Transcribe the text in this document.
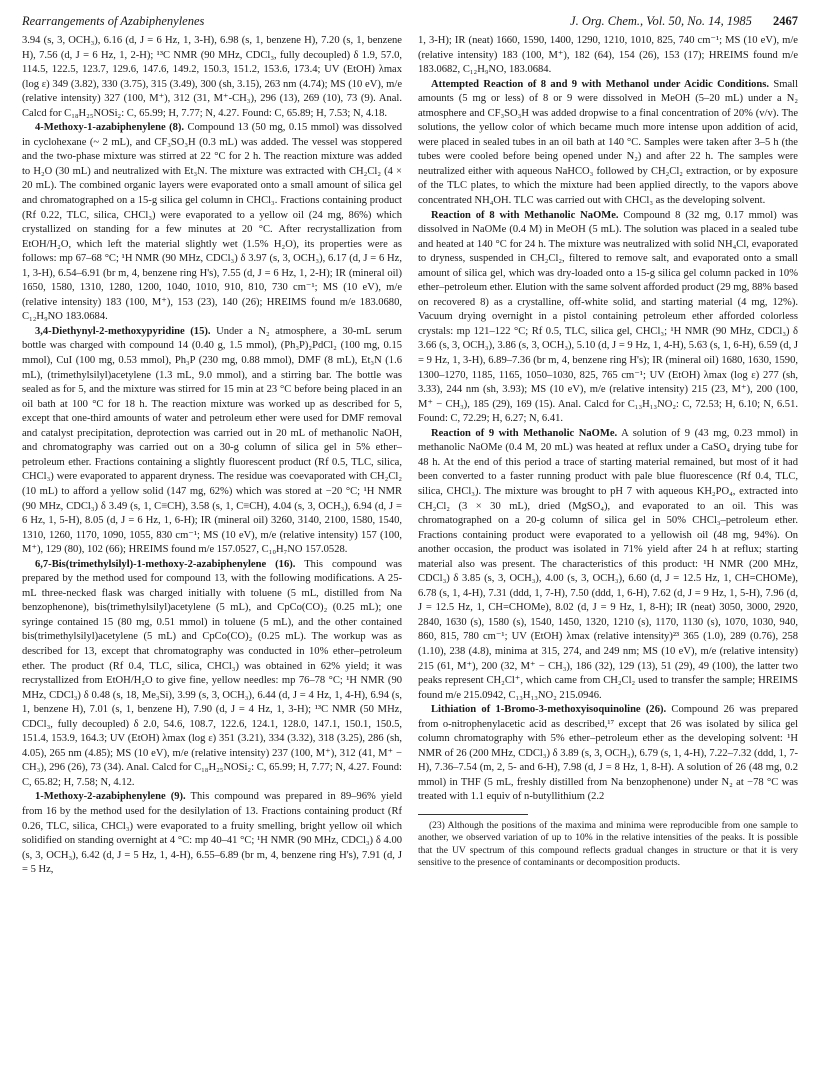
Rearrangements of Azabiphenylenes	J. Org. Chem., Vol. 50, No. 14, 1985 2467

3.94 (s, 3, OCH₃), 6.16 (d, J = 6 Hz, 1, 3-H), 6.98 (s, 1, benzene H), 7.20 (s, 1, benzene H), 7.56 (d, J = 6 Hz, 1, 2-H); ¹³C NMR (90 MHz, CDCl₃, fully decoupled) δ 1.9, 57.0, 114.5, 122.5, 123.7, 129.6, 147.6, 149.2, 150.3, 151.2, 153.6, 173.4; UV (EtOH) λmax (log ε) 349 (3.82), 330 (3.75), 315 (3.49), 300 (sh, 3.15), 263 nm (4.74); MS (10 eV), m/e (relative intensity) 327 (100, M⁺), 312 (31, M⁺-CH₃), 296 (13), 269 (10), 73 (9). Anal. Calcd for C₁₈H₂₅NOSi₂: C, 65.99; H, 7.77; N, 4.27. Found: C, 65.89; H, 7.53; N, 4.18.

4-Methoxy-1-azabiphenylene (8). Compound 13 (50 mg, 0.15 mmol) was dissolved in cyclohexane (~ 2 mL), and CF₃SO₃H (0.3 mL) was added. The vessel was stoppered and the two-phase mixture was stirred at 22 °C for 2 h. The reaction mixture was added to H₂O (30 mL) and neutralized with Et₃N. The mixture was extracted with CH₂Cl₂ (4 × 20 mL). The combined organic layers were evaporated onto a small amount of silica gel and chromatographed on a 15-g silica gel column in CHCl₃. Fractions containing product (Rf 0.22, TLC, silica, CHCl₃) were evaporated to a yellow oil (24 mg, 86%) which crystallized on standing for a few minutes at 20 °C. After recrystallization from EtOH/H₂O, which left the material slightly wet (1.5% H₂O), its properties were as follows: mp 67–68 °C; ¹H NMR (90 MHz, CDCl₃) δ 3.97 (s, 3, OCH₃), 6.17 (d, J = 6 Hz, 1, 3-H), 6.54–6.91 (br m, 4, benzene ring H's), 7.55 (d, J = 6 Hz, 1, 2-H); IR (mineral oil) 1650, 1580, 1310, 1280, 1200, 1040, 1010, 910, 810, 730 cm⁻¹; MS (10 eV), m/e (relative intensity) 183 (100, M⁺), 153 (23), 140 (26); HREIMS found m/e 183.0680, C₁₂H₉NO 183.0684.

3,4-Diethynyl-2-methoxypyridine (15). Under a N₂ atmosphere, a 30-mL serum bottle was charged with compound 14 (0.40 g, 1.5 mmol), (Ph₃P)₂PdCl₂ (100 mg, 0.15 mmol), CuI (100 mg, 0.53 mmol), Ph₃P (230 mg, 0.88 mmol), DMF (8 mL), Et₃N (1.6 mL), (trimethylsilyl)acetylene (1.3 mL, 9.0 mmol), and a stirring bar. The bottle was sealed as for 5, and the mixture was stirred for 15 min at 23 °C before being placed in an oil bath at 100 °C for 18 h. The reaction mixture was worked up as described for 5, except that one-third amounts of water and petroleum ether were used for DMF removal and catalyst precipitation, deprotection was carried out in 20 mL of methanolic NaOH, and chromatography was carried out on a 30-g column of silica gel in 5% ether–petroleum ether. Fractions containing a slightly fluorescent product (Rf 0.5, TLC, silica, CHCl₃) were evaporated to apparent dryness. The residue was coevaporated with CH₂Cl₂ (10 mL) to afford a yellow solid (147 mg, 62%) which was stored at −20 °C; ¹H NMR (90 MHz, CDCl₃) δ 3.49 (s, 1, C≡CH), 3.58 (s, 1, C≡CH), 4.04 (s, 3, OCH₃), 6.94 (d, J = 6 Hz, 1, 5-H), 8.05 (d, J = 6 Hz, 1, 6-H); IR (mineral oil) 3260, 3140, 2100, 1580, 1540, 1310, 1260, 1170, 1090, 1055, 830 cm⁻¹; MS (10 eV), m/e (relative intensity) 157 (100, M⁺), 129 (80), 102 (66); HREIMS found m/e 157.0527, C₁₀H₇NO 157.0528.

6,7-Bis(trimethylsilyl)-1-methoxy-2-azabiphenylene (16). This compound was prepared by the method used for compound 13, with the following modifications. A 25-mL three-necked flask was charged initially with toluene (5 mL, distilled from Na benzophenone), bis(trimethylsilyl)acetylene (5 mL), and CpCo(CO)₂ (0.25 mL); one syringe contained 15 (80 mg, 0.51 mmol) in toluene (5 mL), and the other contained bis(trimethylsilyl)acetylene (5 mL) and CpCo(CO)₂ (0.25 mL). The workup was as described for 13, except that chromatography was conducted in 10% ether–petroleum ether. The product (Rf 0.4, TLC, silica, CHCl₃) was obtained in 62% yield; it was recrystallized from EtOH/H₂O to give fine, yellow needles: mp 76–78 °C; ¹H NMR (90 MHz, CDCl₃) δ 0.48 (s, 18, Me₃Si), 3.99 (s, 3, OCH₃), 6.44 (d, J = 4 Hz, 1, 4-H), 6.94 (s, 1, benzene H), 7.01 (s, 1, benzene H), 7.90 (d, J = 4 Hz, 1, 3-H); ¹³C NMR (50 MHz, CDCl₃, fully decoupled) δ 2.0, 54.6, 108.7, 122.6, 124.1, 128.0, 147.1, 150.1, 150.5, 151.4, 153.9, 164.3; UV (EtOH) λmax (log ε) 351 (3.21), 334 (3.32), 318 (3.25), 286 (sh, 4.05), 265 nm (4.85); MS (10 eV), m/e (relative intensity) 237 (100, M⁺), 312 (41, M⁺ − CH₃), 296 (26), 73 (34). Anal. Calcd for C₁₈H₂₅NOSi₂: C, 65.99; H, 7.77; N, 4.27. Found: C, 65.82; H, 7.58; N, 4.12.

1-Methoxy-2-azabiphenylene (9). This compound was prepared in 89–96% yield from 16 by the method used for the desilylation of 13. Fractions containing product (Rf 0.26, TLC, silica, CHCl₃) were evaporated to a fruity smelling, bright yellow oil which solidified on standing overnight at 4 °C: mp 40–41 °C; ¹H NMR (90 MHz, CDCl₃) δ 4.00 (s, 3, OCH₃), 6.42 (d, J = 5 Hz, 1, 4-H), 6.55–6.89 (br m, 4, benzene ring H's), 7.91 (d, J = 5 Hz,

1, 3-H); IR (neat) 1660, 1590, 1400, 1290, 1210, 1010, 825, 740 cm⁻¹; MS (10 eV), m/e (relative intensity) 183 (100, M⁺), 182 (64), 154 (26), 153 (17); HREIMS found m/e 183.0682, C₁₂H₉NO, 183.0684.

Attempted Reaction of 8 and 9 with Methanol under Acidic Conditions. Small amounts (5 mg or less) of 8 or 9 were dissolved in MeOH (5–20 mL) under a N₂ atmosphere and CF₃SO₃H was added dropwise to a final concentration of 20% (v/v). The solutions, the yellow color of which became much more intense upon addition of acid, were placed in sealed tubes in an oil bath at 140 °C. Samples were taken after 3–5 h (the tubes were cooled before being opened under N₂) and after 22 h. The samples were neutralized either with aqueous NaHCO₃ followed by CH₂Cl₂ extraction, or by exposure of the TLC plates, to which the mixture had been applied directly, to the vapors above concentrated NH₄OH. TLC was carried out with CHCl₃ as the developing solvent.

Reaction of 8 with Methanolic NaOMe. Compound 8 (32 mg, 0.17 mmol) was dissolved in NaOMe (0.4 M) in MeOH (5 mL). The solution was placed in a sealed tube and heated at 140 °C for 24 h. The mixture was neutralized with solid NH₄Cl, evaporated to dryness, suspended in CH₂Cl₂, filtered to remove salt, and evaporated onto a small amount of silica gel, which was dry-loaded onto a 15-g silica gel column packed in 10% ether–petroleum ether. Elution with the same solvent afforded product (29 mg, 88% based on recovered 8) as a crystalline, off-white solid, and starting material (4 mg, 12%). Vacuum drying overnight in a pistol containing petroleum ether afforded colorless crystals: mp 121–122 °C; Rf 0.5, TLC, silica gel, CHCl₃; ¹H NMR (90 MHz, CDCl₃) δ 3.66 (s, 3, OCH₃), 3.86 (s, 3, OCH₃), 5.10 (d, J = 9 Hz, 1, 4-H), 5.63 (s, 1, 6-H), 6.59 (d, J = 9 Hz, 1, 3-H), 6.89–7.36 (br m, 4, benzene ring H's); IR (mineral oil) 1680, 1630, 1590, 1300–1270, 1185, 1165, 1050–1030, 825, 765 cm⁻¹; UV (EtOH) λmax (log ε) 277 (sh, 3.33), 244 nm (sh, 3.93); MS (10 eV), m/e (relative intensity) 215 (23, M⁺), 200 (100, M⁺ − CH₃), 185 (29), 169 (15). Anal. Calcd for C₁₃H₁₃NO₂: C, 72.53; H, 6.10; N, 6.51. Found: C, 72.29; H, 6.27; N, 6.41.

Reaction of 9 with Methanolic NaOMe. A solution of 9 (43 mg, 0.23 mmol) in methanolic NaOMe (0.4 M, 20 mL) was heated at reflux under a CaSO₄ drying tube for 48 h. At the end of this period a trace of starting material remained, but most of it had been converted to a faster running product with pale blue fluorescence (Rf 0.4, TLC, silica, CHCl₃). The mixture was brought to pH 7 with aqueous KH₂PO₄, extracted into CH₂Cl₂ (3 × 30 mL), dried (MgSO₄), and evaporated to an oil. This was chromatographed on a 20-g column of silica gel in 50% CHCl₃–petroleum ether. Fractions containing product were evaporated to a yellowish oil (48 mg, 94%). On another occasion, the product was isolated in 71% yield after 24 h at reflux; starting material also was present. The characteristics of this product: ¹H NMR (200 MHz, CDCl₃) δ 3.85 (s, 3, OCH₃), 4.00 (s, 3, OCH₃), 6.60 (d, J = 12.5 Hz, 1, CH=CHOMe), 6.78 (s, 1, 4-H), 7.31 (ddd, 1, 7-H), 7.50 (ddd, 1, 6-H), 7.62 (d, J = 9 Hz, 1, 5-H), 7.96 (d, J = 12.5 Hz, 1, CH=CHOMe), 8.02 (d, J = 9 Hz, 1, 8-H); IR (neat) 3050, 3000, 2920, 2840, 1630 (s), 1580 (s), 1540, 1450, 1320, 1210 (s), 1170, 1130 (s), 1070, 1030, 940, 860, 815, 780 cm⁻¹; UV (EtOH) λmax (relative intensity)²³ 365 (1.0), 289 (0.76), 258 (1.10), 238 (4.8), minima at 315, 274, and 249 nm; MS (10 eV), m/e (relative intensity) 215 (61, M⁺), 200 (32, M⁺ − CH₃), 186 (32), 129 (13), 51 (29), 49 (100), the latter two peaks represent CH₂Cl⁺, which came from CH₂Cl₂ used to transfer the sample; HREIMS found m/e 215.0942, C₁₃H₁₃NO₂ 215.0946.

Lithiation of 1-Bromo-3-methoxyisoquinoline (26). Compound 26 was prepared from o-nitrophenylacetic acid as described,¹⁷ except that 26 was isolated by silica gel column chromatography with 5% ether–petroleum ether as the developing solvent: ¹H NMR of 26 (200 MHz, CDCl₃) δ 3.89 (s, 3, OCH₃), 6.79 (s, 1, 4-H), 7.22–7.32 (ddd, 1, 7-H), 7.36–7.54 (m, 2, 5- and 6-H), 7.98 (d, J = 8 Hz, 1, 8-H). A solution of 26 (48 mg, 0.2 mmol) in THF (5 mL, freshly distilled from Na benzophenone) under N₂ at −78 °C was treated with 1.1 equiv of n-butyllithium (2.2

(23) Although the positions of the maxima and minima were reproducible from one sample to another, we observed variation of up to 10% in the relative intensities of the peaks. It is possible that the UV spectrum of this compound reflects gradual changes in structure or that it is very sensitive to the presence of contaminants or decomposition products.
